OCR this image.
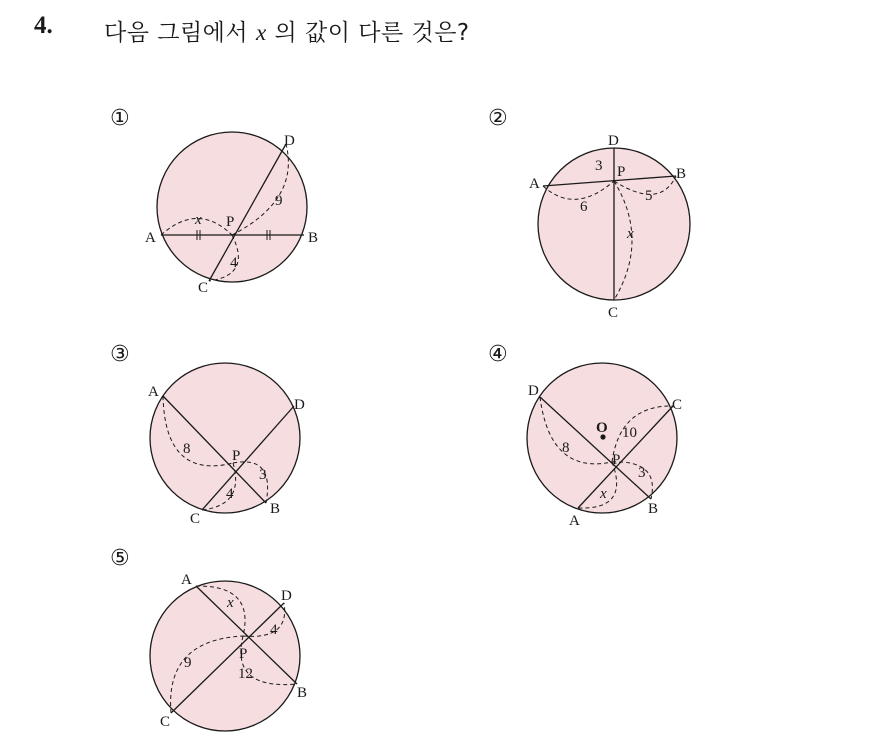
4. 다음 그림에서 x 의 값이 다른 것은?
①	②
③	④
⑤
A	B
C
D
P
x
9
4
A
B
C
D
P
3
6
5
x
A
B
C
D
P
8
3
4
A
B
C
D
P
O 10
8
3
x
A
B
C
D
P
x
4
9
12
